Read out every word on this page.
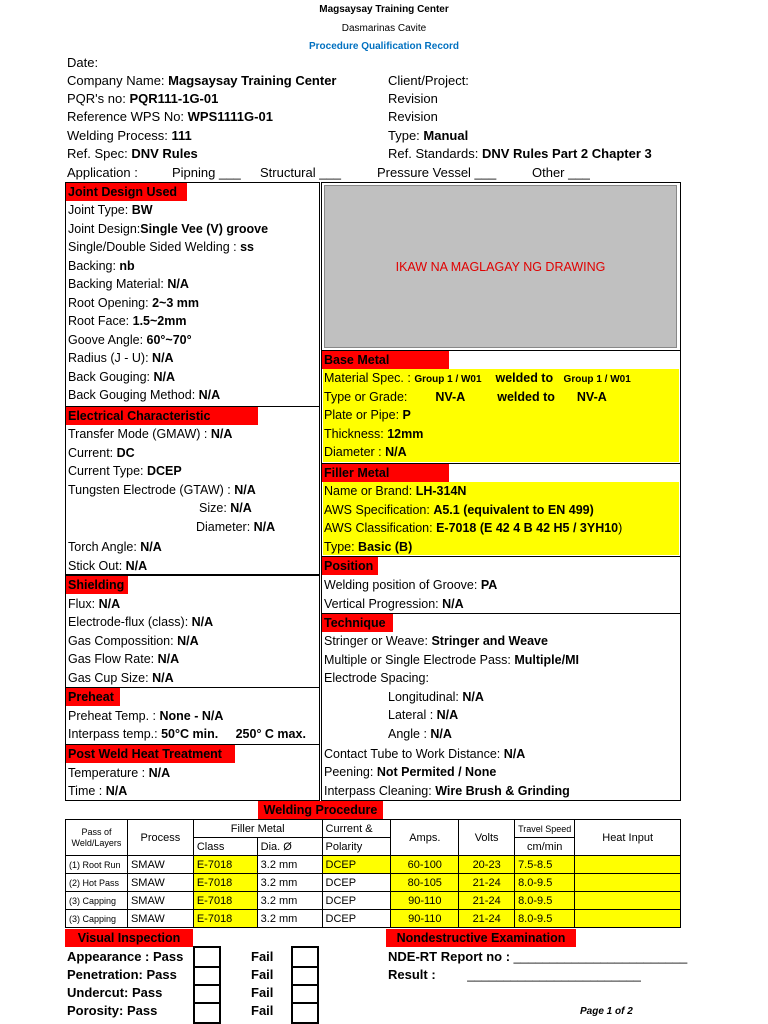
Magsaysay Training Center
Dasmarinas Cavite
Procedure Qualification Record
Date:
Company Name: Magsaysay Training Center
PQR's no: PQR111-1G-01
Reference WPS No: WPS1111G-01
Welding Process: 111
Ref. Spec: DNV Rules
Client/Project:
Revision
Revision
Type: Manual
Ref. Standards: DNV Rules Part 2 Chapter 3
Application :	Pipning ___ Structural ___	Pressure Vessel ___	Other ___
Joint Design Used
Joint Type: BW
Joint Design:Single Vee (V) groove
Single/Double Sided Welding : ss
Backing: nb
Backing Material: N/A
Root Opening: 2~3 mm
Root Face: 1.5~2mm
Goove Angle: 60°~70°
Radius (J - U): N/A
Back Gouging: N/A
Back Gouging Method: N/A
IKAW NA MAGLAGAY NG DRAWING
Base Metal
Material Spec. : Group 1 / W01 welded to Group 1 / W01
Type or Grade: NV-A	welded to NV-A
Plate or Pipe: P
Thickness: 12mm
Diameter : N/A
Electrical Characteristic
Transfer Mode (GMAW) : N/A
Current: DC
Current Type: DCEP
Tungsten Electrode (GTAW) : N/A
Size: N/A
Diameter: N/A
Torch Angle: N/A
Stick Out: N/A
Filler Metal
Name or Brand: LH-314N
AWS Specification: A5.1 (equivalent to EN 499)
AWS Classification: E-7018 (E 42 4 B 42 H5 / 3YH10)
Type: Basic (B)
Position
Welding position of Groove: PA
Vertical Progression: N/A
Shielding
Flux: N/A
Electrode-flux (class): N/A
Gas Compossition: N/A
Gas Flow Rate: N/A
Gas Cup Size: N/A
Technique
Stringer or Weave: Stringer and Weave
Multiple or Single Electrode Pass: Multiple/MI
Electrode Spacing:
Longitudinal: N/A
Lateral : N/A
Angle : N/A
Contact Tube to Work Distance: N/A
Peening: Not Permited / None
Interpass Cleaning: Wire Brush & Grinding
Preheat
Preheat Temp. : None - N/A
Interpass temp.: 50°C min. 250° C max.
Post Weld Heat Treatment
Temperature : N/A
Time : N/A
Welding Procedure
Pass of
Weld/Layers	Process	Filler Metal		Current &	Amps.	Volts	Travel Speed	Heat Input
		Class	Dia. Ø	Polarity			cm/min	
(1) Root Run	SMAW	E-7018	3.2 mm	DCEP	60-100	20-23	7.5-8.5	
(2) Hot Pass	SMAW	E-7018	3.2 mm	DCEP	80-105	21-24	8.0-9.5	
(3) Capping	SMAW	E-7018	3.2 mm	DCEP	90-110	21-24	8.0-9.5	
(3) Capping	SMAW	E-7018	3.2 mm	DCEP	90-110	21-24	8.0-9.5	
Visual Inspection
Appearance : Pass	Fail
Penetration: Pass	Fail
Undercut: Pass	Fail
Porosity: Pass	Fail
Nondestructive Examination
NDE-RT Report no : ________________________
Result : ________________________
Page 1 of 2
